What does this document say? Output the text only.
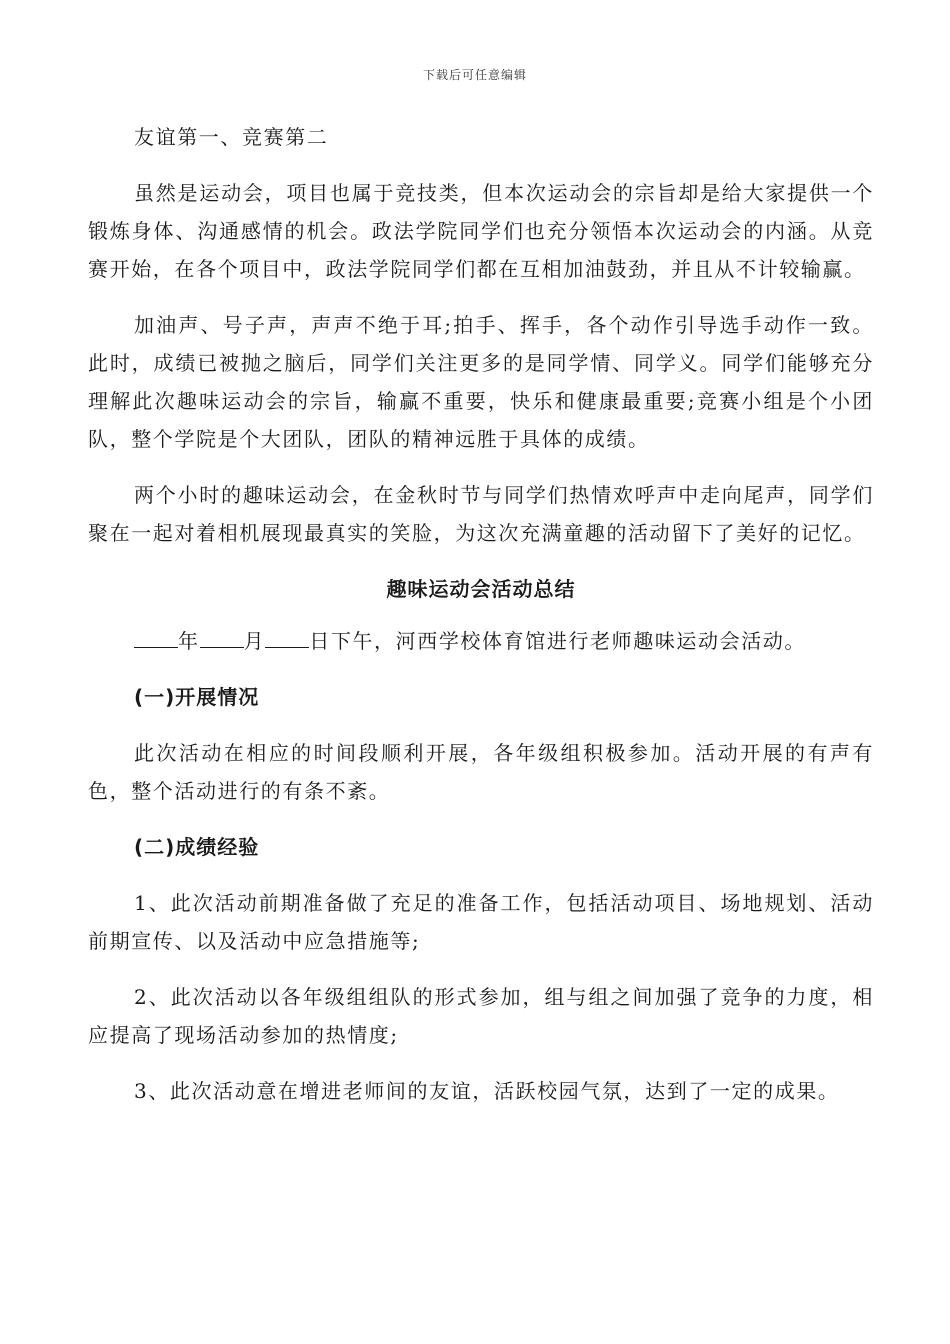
下载后可任意编辑

友谊第一、竞赛第二

虽然是运动会，项目也属于竞技类，但本次运动会的宗旨却是给大家提供一个锻炼身体、沟通感情的机会。政法学院同学们也充分领悟本次运动会的内涵。从竞赛开始，在各个项目中，政法学院同学们都在互相加油鼓劲，并且从不计较输赢。

加油声、号子声，声声不绝于耳;拍手、挥手，各个动作引导选手动作一致。此时，成绩已被抛之脑后，同学们关注更多的是同学情、同学义。同学们能够充分理解此次趣味运动会的宗旨，输赢不重要，快乐和健康最重要;竞赛小组是个小团队，整个学院是个大团队，团队的精神远胜于具体的成绩。

两个小时的趣味运动会，在金秋时节与同学们热情欢呼声中走向尾声，同学们聚在一起对着相机展现最真实的笑脸，为这次充满童趣的活动留下了美好的记忆。

趣味运动会活动总结

年 月 日下午，河西学校体育馆进行老师趣味运动会活动。

(一)开展情况

此次活动在相应的时间段顺利开展，各年级组积极参加。活动开展的有声有色，整个活动进行的有条不紊。

(二)成绩经验

1、此次活动前期准备做了充足的准备工作，包括活动项目、场地规划、活动前期宣传、以及活动中应急措施等;

2、此次活动以各年级组组队的形式参加，组与组之间加强了竞争的力度，相应提高了现场活动参加的热情度;

3、此次活动意在增进老师间的友谊，活跃校园气氛，达到了一定的成果。
